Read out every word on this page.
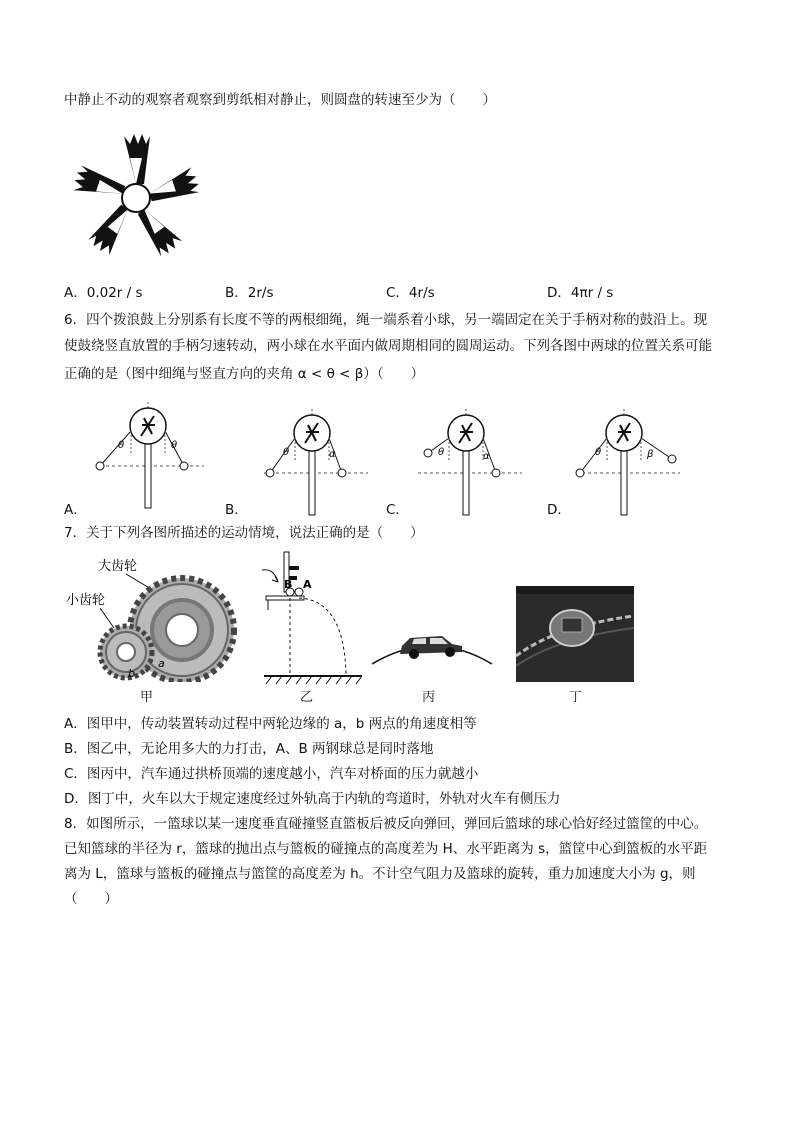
中静止不动的观察者观察到剪纸相对静止，则圆盘的转速至少为（　　）
A．0.02r / s	B．2r/s	C．4r/s	D．4πr / s
6．四个拨浪鼓上分别系有长度不等的两根细绳，绳一端系着小球，另一端固定在关于手柄对称的鼓沿上。现
使鼓绕竖直放置的手柄匀速转动，两小球在水平面内做周期相同的圆周运动。下列各图中两球的位置关系可能
正确的是（图中细绳与竖直方向的夹角 α < θ < β）（　　）
θ	θ
θ	α	θ	α	θ	β
A．	B．	C．	D．
7．关于下列各图所描述的运动情境，说法正确的是（　　）
大齿轮
小齿轮
b
a
甲
B A
乙	丙	丁
A．图甲中，传动装置转动过程中两轮边缘的 a，b 两点的角速度相等
B．图乙中，无论用多大的力打击，A、B 两钢球总是同时落地
C．图丙中，汽车通过拱桥顶端的速度越小，汽车对桥面的压力就越小
D．图丁中，火车以大于规定速度经过外轨高于内轨的弯道时，外轨对火车有侧压力
8．如图所示，一篮球以某一速度垂直碰撞竖直篮板后被反向弹回，弹回后篮球的球心恰好经过篮筐的中心。
已知篮球的半径为 r，篮球的抛出点与篮板的碰撞点的高度差为 H、水平距离为 s，篮筐中心到篮板的水平距
离为 L，篮球与篮板的碰撞点与篮筐的高度差为 h。不计空气阻力及篮球的旋转，重力加速度大小为 g，则
（　　）
